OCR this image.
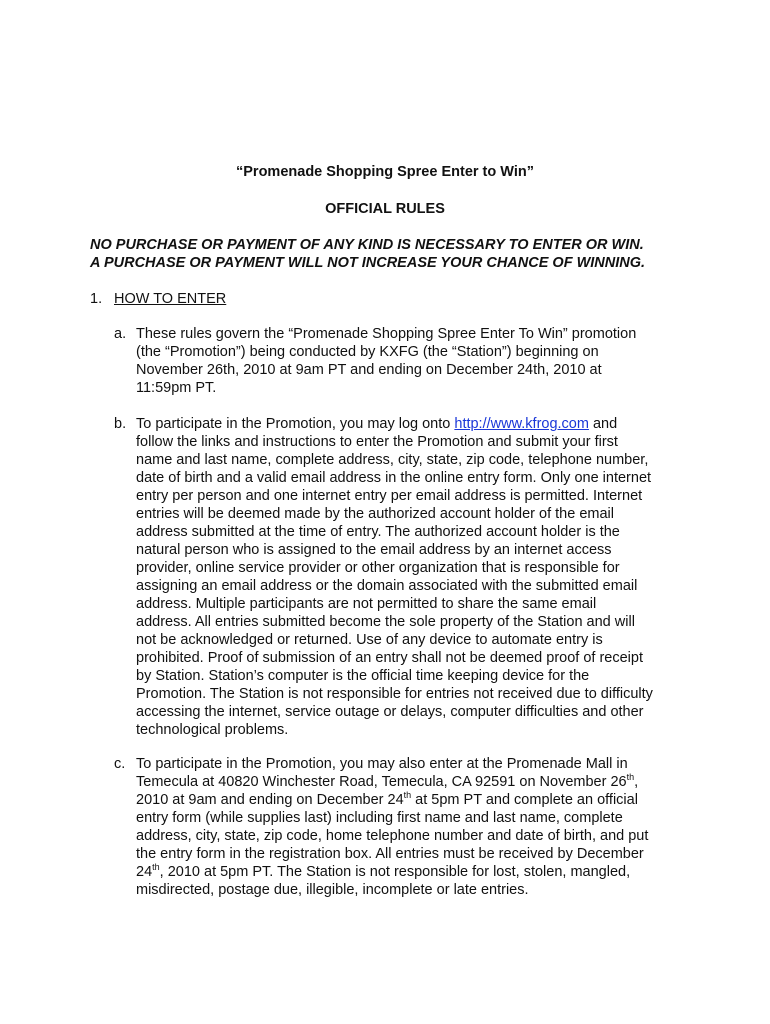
“Promenade Shopping Spree Enter to Win”
OFFICIAL RULES
NO PURCHASE OR PAYMENT OF ANY KIND IS NECESSARY TO ENTER OR WIN.
A PURCHASE OR PAYMENT WILL NOT INCREASE YOUR CHANCE OF WINNING.
1. HOW TO ENTER
a. These rules govern the “Promenade Shopping Spree Enter To Win” promotion
(the “Promotion”) being conducted by KXFG (the “Station”) beginning on
November 26th, 2010 at 9am PT and ending on December 24th, 2010 at
11:59pm PT.
b. To participate in the Promotion, you may log onto http://www.kfrog.com and
follow the links and instructions to enter the Promotion and submit your first
name and last name, complete address, city, state, zip code, telephone number,
date of birth and a valid email address in the online entry form. Only one internet
entry per person and one internet entry per email address is permitted. Internet
entries will be deemed made by the authorized account holder of the email
address submitted at the time of entry. The authorized account holder is the
natural person who is assigned to the email address by an internet access
provider, online service provider or other organization that is responsible for
assigning an email address or the domain associated with the submitted email
address. Multiple participants are not permitted to share the same email
address. All entries submitted become the sole property of the Station and will
not be acknowledged or returned. Use of any device to automate entry is
prohibited. Proof of submission of an entry shall not be deemed proof of receipt
by Station. Station’s computer is the official time keeping device for the
Promotion. The Station is not responsible for entries not received due to difficulty
accessing the internet, service outage or delays, computer difficulties and other
technological problems.
c. To participate in the Promotion, you may also enter at the Promenade Mall in
Temecula at 40820 Winchester Road, Temecula, CA 92591 on November 26th,
2010 at 9am and ending on December 24th at 5pm PT and complete an official
entry form (while supplies last) including first name and last name, complete
address, city, state, zip code, home telephone number and date of birth, and put
the entry form in the registration box. All entries must be received by December
24th, 2010 at 5pm PT. The Station is not responsible for lost, stolen, mangled,
misdirected, postage due, illegible, incomplete or late entries.
